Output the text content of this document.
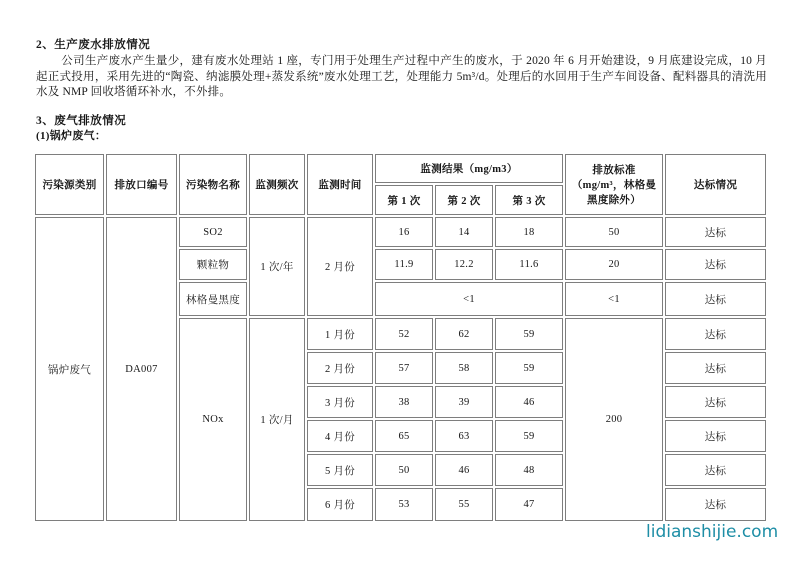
2、生产废水排放情况
公司生产废水产生量少，建有废水处理站 1 座，专门用于处理生产过程中产生的废水，于 2020 年 6 月开始建设，9 月底建设完成，10 月起正式投用，采用先进的“陶瓷、纳滤膜处理+蒸发系统”废水处理工艺，处理能力 5m³/d。处理后的水回用于生产车间设备、配料器具的清洗用水及 NMP 回收塔循环补水，不外排。
3、废气排放情况
(1)锅炉废气：
污染源类别	排放口编号	污染物名称	监测频次	监测时间	监测结果（mg/m3）			排放标准（mg/m³，林格曼黑度除外）	达标情况
					第 1 次	第 2 次	第 3 次		
锅炉废气	DA007	SO2	1 次/年	2 月份	16	14	18	50	达标
		颗粒物			11.9	12.2	11.6	20	达标
		林格曼黑度			<1			<1	达标
		NOx	1 次/月	1 月份	52	62	59	200	达标
				2 月份	57	58	59		达标
				3 月份	38	39	46		达标
				4 月份	65	63	59		达标
				5 月份	50	46	48		达标
				6 月份	53	55	47		达标
lidianshijie.com
